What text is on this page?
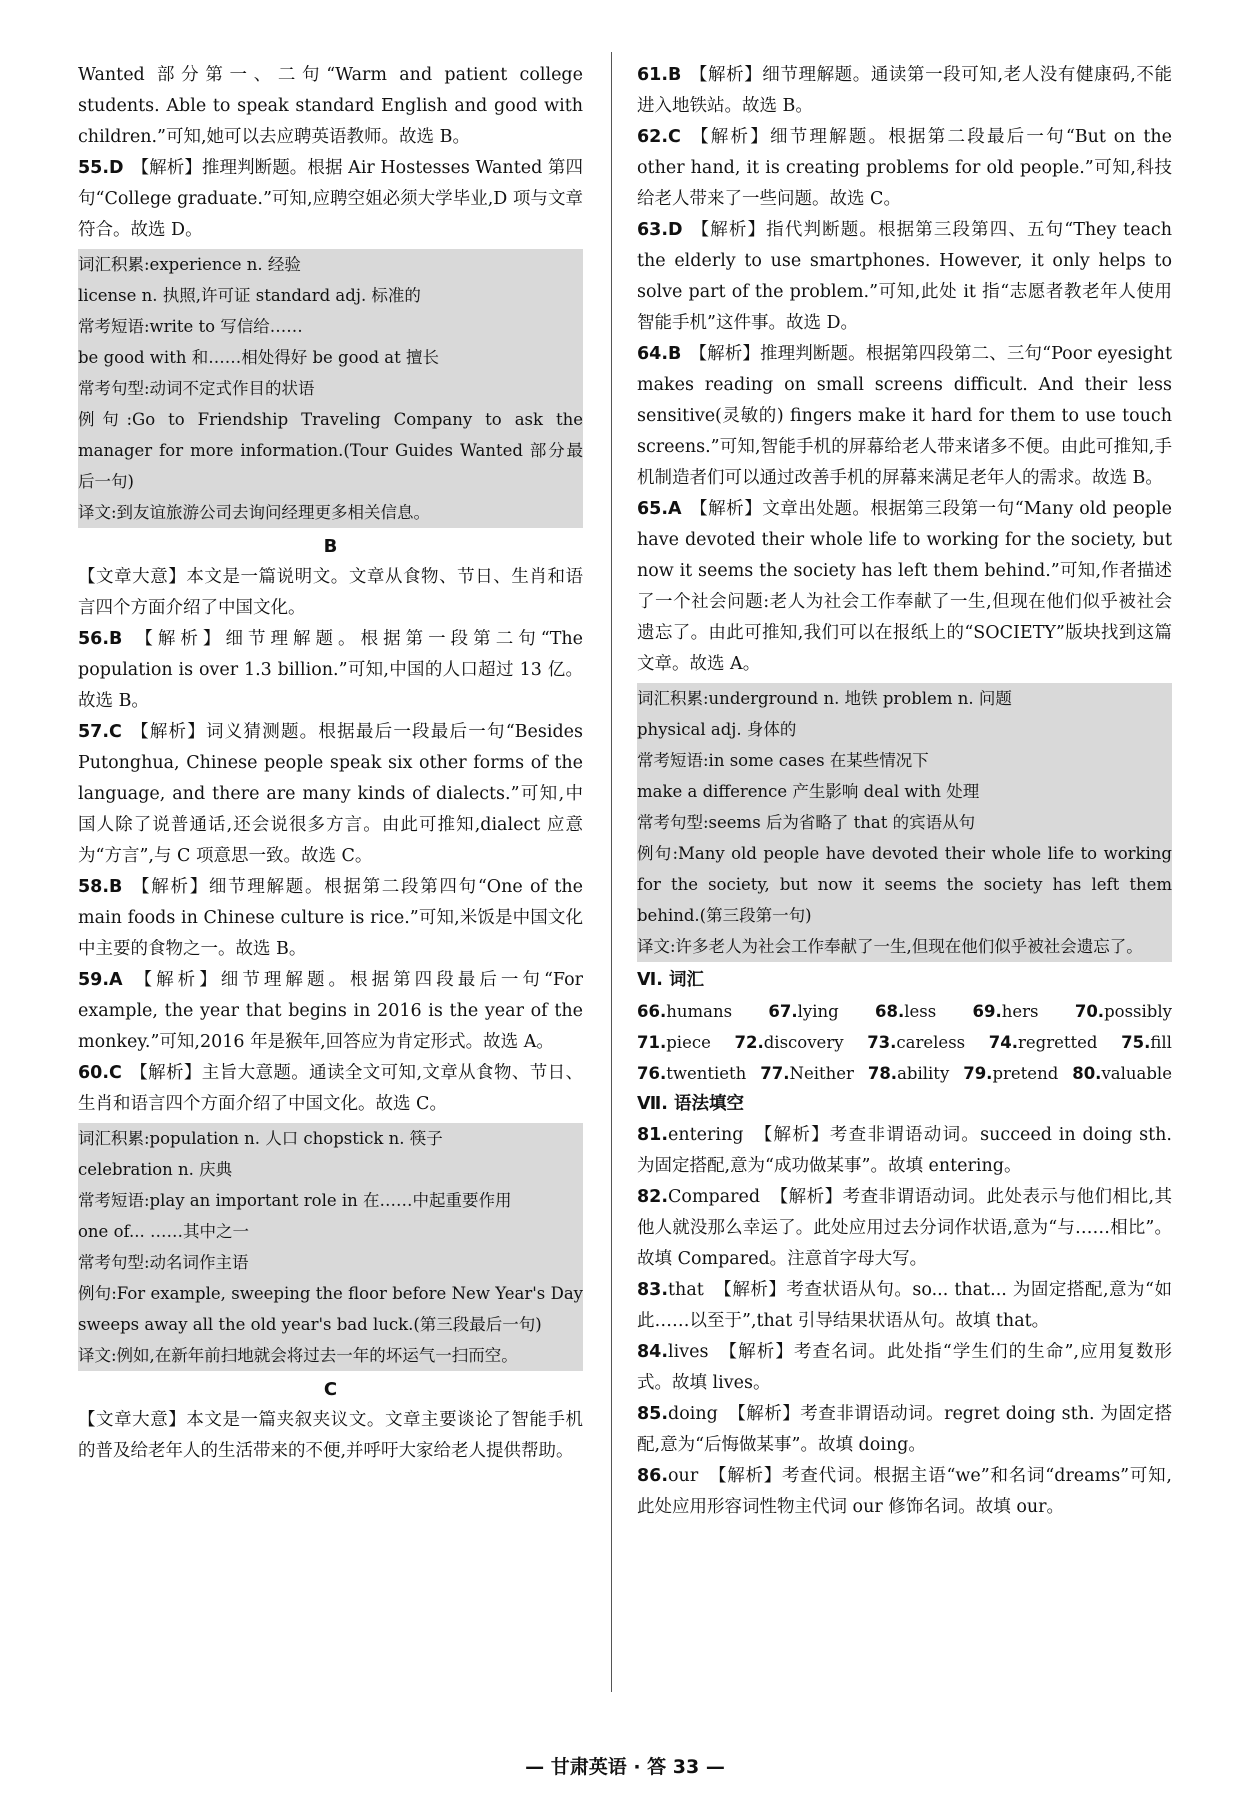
Wanted 部分第一、二句“Warm and patient college students. Able to speak standard English and good with children.”可知,她可以去应聘英语教师。故选 B。

55.D 【解析】推理判断题。根据 Air Hostesses Wanted 第四句“College graduate.”可知,应聘空姐必须大学毕业,D 项与文章符合。故选 D。

词汇积累:experience n. 经验

license n. 执照,许可证 standard adj. 标准的

常考短语:write to 写信给……

be good with 和……相处得好 be good at 擅长

常考句型:动词不定式作目的状语

例句:Go to Friendship Traveling Company to ask the manager for more information.(Tour Guides Wanted 部分最后一句)

译文:到友谊旅游公司去询问经理更多相关信息。

B

【文章大意】本文是一篇说明文。文章从食物、节日、生肖和语言四个方面介绍了中国文化。

56.B 【解析】细节理解题。根据第一段第二句“The population is over 1.3 billion.”可知,中国的人口超过 13 亿。故选 B。

57.C 【解析】词义猜测题。根据最后一段最后一句“Besides Putonghua, Chinese people speak six other forms of the language, and there are many kinds of dialects.”可知,中国人除了说普通话,还会说很多方言。由此可推知,dialect 应意为“方言”,与 C 项意思一致。故选 C。

58.B 【解析】细节理解题。根据第二段第四句“One of the main foods in Chinese culture is rice.”可知,米饭是中国文化中主要的食物之一。故选 B。

59.A 【解析】细节理解题。根据第四段最后一句“For example, the year that begins in 2016 is the year of the monkey.”可知,2016 年是猴年,回答应为肯定形式。故选 A。

60.C 【解析】主旨大意题。通读全文可知,文章从食物、节日、生肖和语言四个方面介绍了中国文化。故选 C。

词汇积累:population n. 人口 chopstick n. 筷子

celebration n. 庆典

常考短语:play an important role in 在……中起重要作用

one of... ……其中之一

常考句型:动名词作主语

例句:For example, sweeping the floor before New Year's Day sweeps away all the old year's bad luck.(第三段最后一句)

译文:例如,在新年前扫地就会将过去一年的坏运气一扫而空。

C

【文章大意】本文是一篇夹叙夹议文。文章主要谈论了智能手机的普及给老年人的生活带来的不便,并呼吁大家给老人提供帮助。

61.B 【解析】细节理解题。通读第一段可知,老人没有健康码,不能进入地铁站。故选 B。

62.C 【解析】细节理解题。根据第二段最后一句“But on the other hand, it is creating problems for old people.”可知,科技给老人带来了一些问题。故选 C。

63.D 【解析】指代判断题。根据第三段第四、五句“They teach the elderly to use smartphones. However, it only helps to solve part of the problem.”可知,此处 it 指“志愿者教老年人使用智能手机”这件事。故选 D。

64.B 【解析】推理判断题。根据第四段第二、三句“Poor eyesight makes reading on small screens difficult. And their less sensitive(灵敏的) fingers make it hard for them to use touch screens.”可知,智能手机的屏幕给老人带来诸多不便。由此可推知,手机制造者们可以通过改善手机的屏幕来满足老年人的需求。故选 B。

65.A 【解析】文章出处题。根据第三段第一句“Many old people have devoted their whole life to working for the society, but now it seems the society has left them behind.”可知,作者描述了一个社会问题:老人为社会工作奉献了一生,但现在他们似乎被社会遗忘了。由此可推知,我们可以在报纸上的“SOCIETY”版块找到这篇文章。故选 A。

词汇积累:underground n. 地铁 problem n. 问题

physical adj. 身体的

常考短语:in some cases 在某些情况下

make a difference 产生影响 deal with 处理

常考句型:seems 后为省略了 that 的宾语从句

例句:Many old people have devoted their whole life to working for the society, but now it seems the society has left them behind.(第三段第一句)

译文:许多老人为社会工作奉献了一生,但现在他们似乎被社会遗忘了。

Ⅵ. 词汇
66.humans 67.lying 68.less 69.hers 70.possibly
71.piece 72.discovery 73.careless 74.regretted 75.fill
76.twentieth 77.Neither 78.ability 79.pretend 80.valuable
Ⅶ. 语法填空

81.entering 【解析】考查非谓语动词。succeed in doing sth. 为固定搭配,意为“成功做某事”。故填 entering。

82.Compared 【解析】考查非谓语动词。此处表示与他们相比,其他人就没那么幸运了。此处应用过去分词作状语,意为“与……相比”。故填 Compared。注意首字母大写。

83.that 【解析】考查状语从句。so... that... 为固定搭配,意为“如此……以至于”,that 引导结果状语从句。故填 that。

84.lives 【解析】考查名词。此处指“学生们的生命”,应用复数形式。故填 lives。

85.doing 【解析】考查非谓语动词。regret doing sth. 为固定搭配,意为“后悔做某事”。故填 doing。

86.our 【解析】考查代词。根据主语“we”和名词“dreams”可知,此处应用形容词性物主代词 our 修饰名词。故填 our。

— 甘肃英语 · 答 33 —
